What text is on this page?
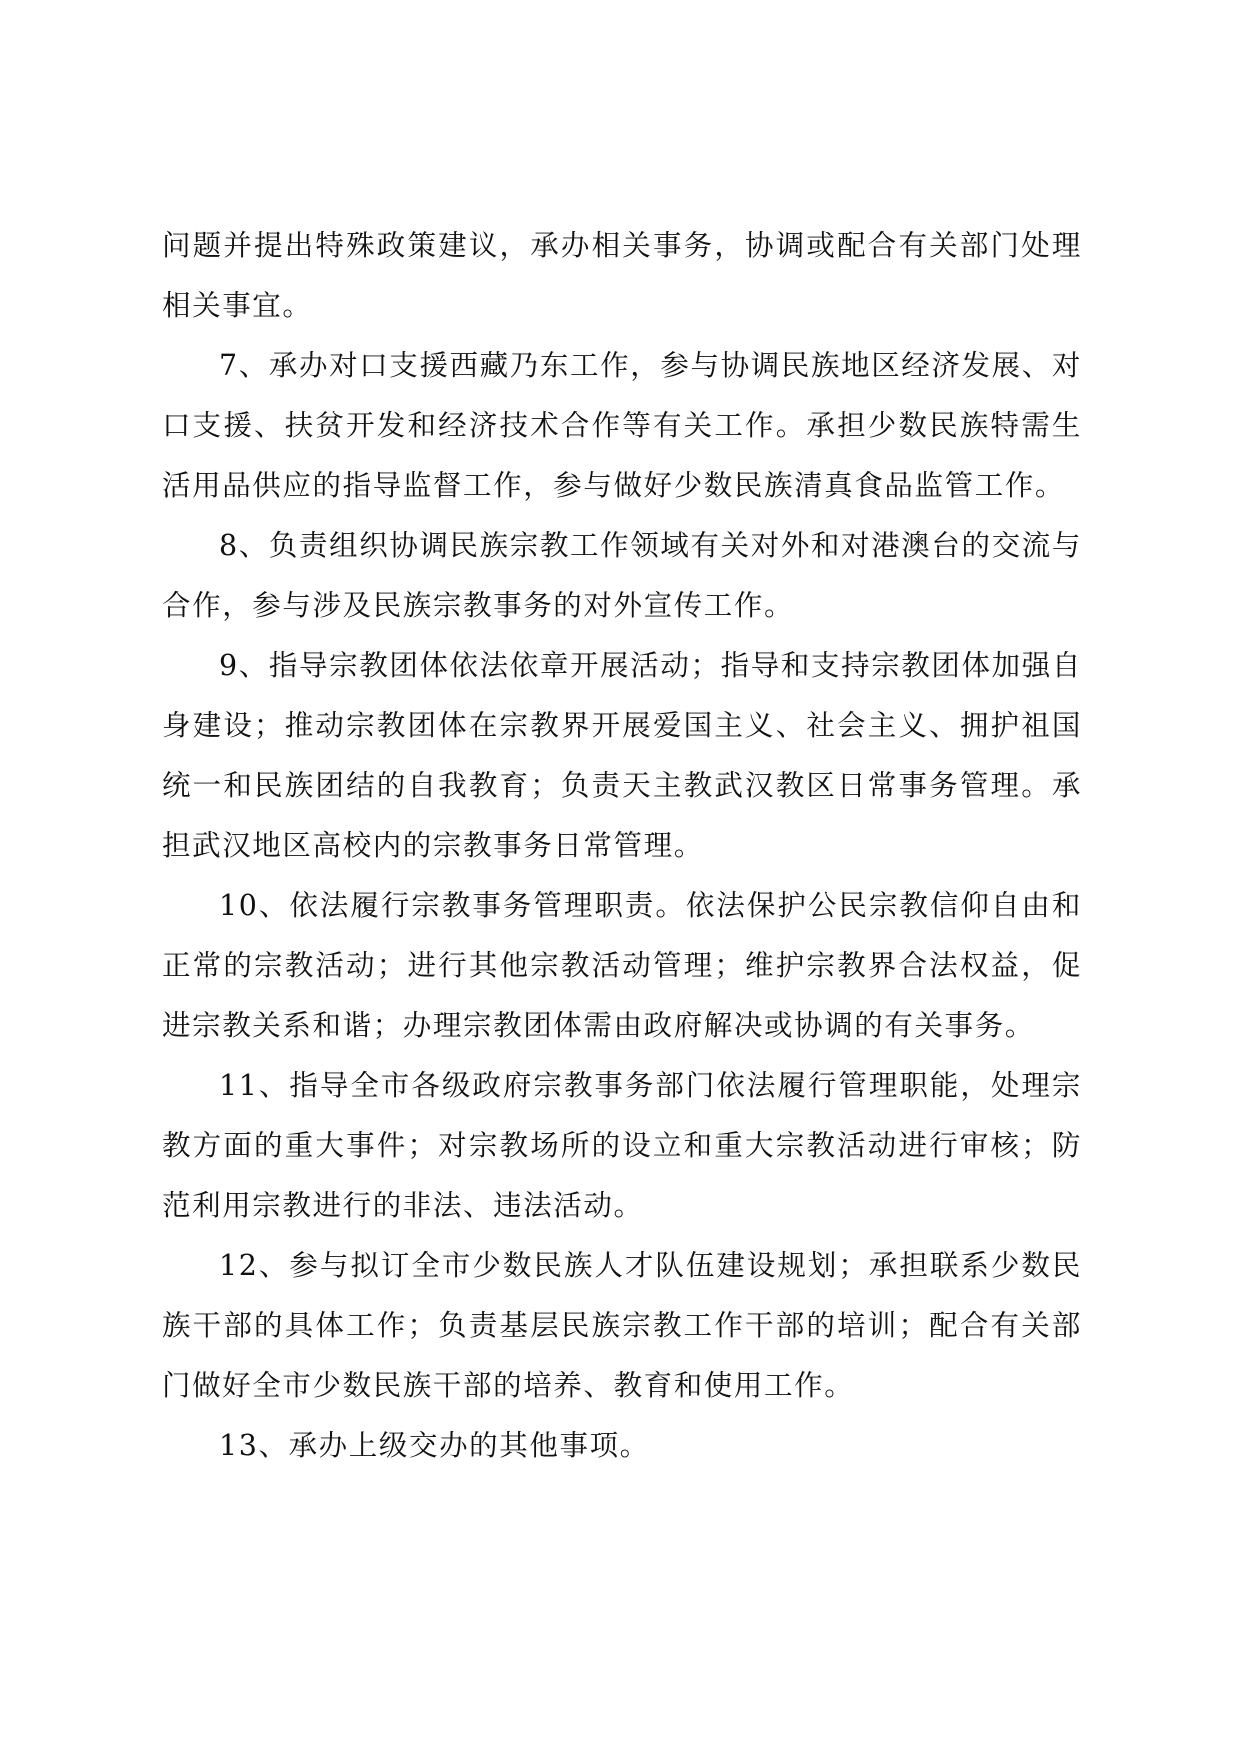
问题并提出特殊政策建议，承办相关事务，协调或配合有关部门处理相关事宜。

7、承办对口支援西藏乃东工作，参与协调民族地区经济发展、对口支援、扶贫开发和经济技术合作等有关工作。承担少数民族特需生活用品供应的指导监督工作，参与做好少数民族清真食品监管工作。

8、负责组织协调民族宗教工作领域有关对外和对港澳台的交流与合作，参与涉及民族宗教事务的对外宣传工作。

9、指导宗教团体依法依章开展活动；指导和支持宗教团体加强自身建设；推动宗教团体在宗教界开展爱国主义、社会主义、拥护祖国统一和民族团结的自我教育；负责天主教武汉教区日常事务管理。承担武汉地区高校内的宗教事务日常管理。

10、依法履行宗教事务管理职责。依法保护公民宗教信仰自由和正常的宗教活动；进行其他宗教活动管理；维护宗教界合法权益，促进宗教关系和谐；办理宗教团体需由政府解决或协调的有关事务。

11、指导全市各级政府宗教事务部门依法履行管理职能，处理宗教方面的重大事件；对宗教场所的设立和重大宗教活动进行审核；防范利用宗教进行的非法、违法活动。

12、参与拟订全市少数民族人才队伍建设规划；承担联系少数民族干部的具体工作；负责基层民族宗教工作干部的培训；配合有关部门做好全市少数民族干部的培养、教育和使用工作。

13、承办上级交办的其他事项。
